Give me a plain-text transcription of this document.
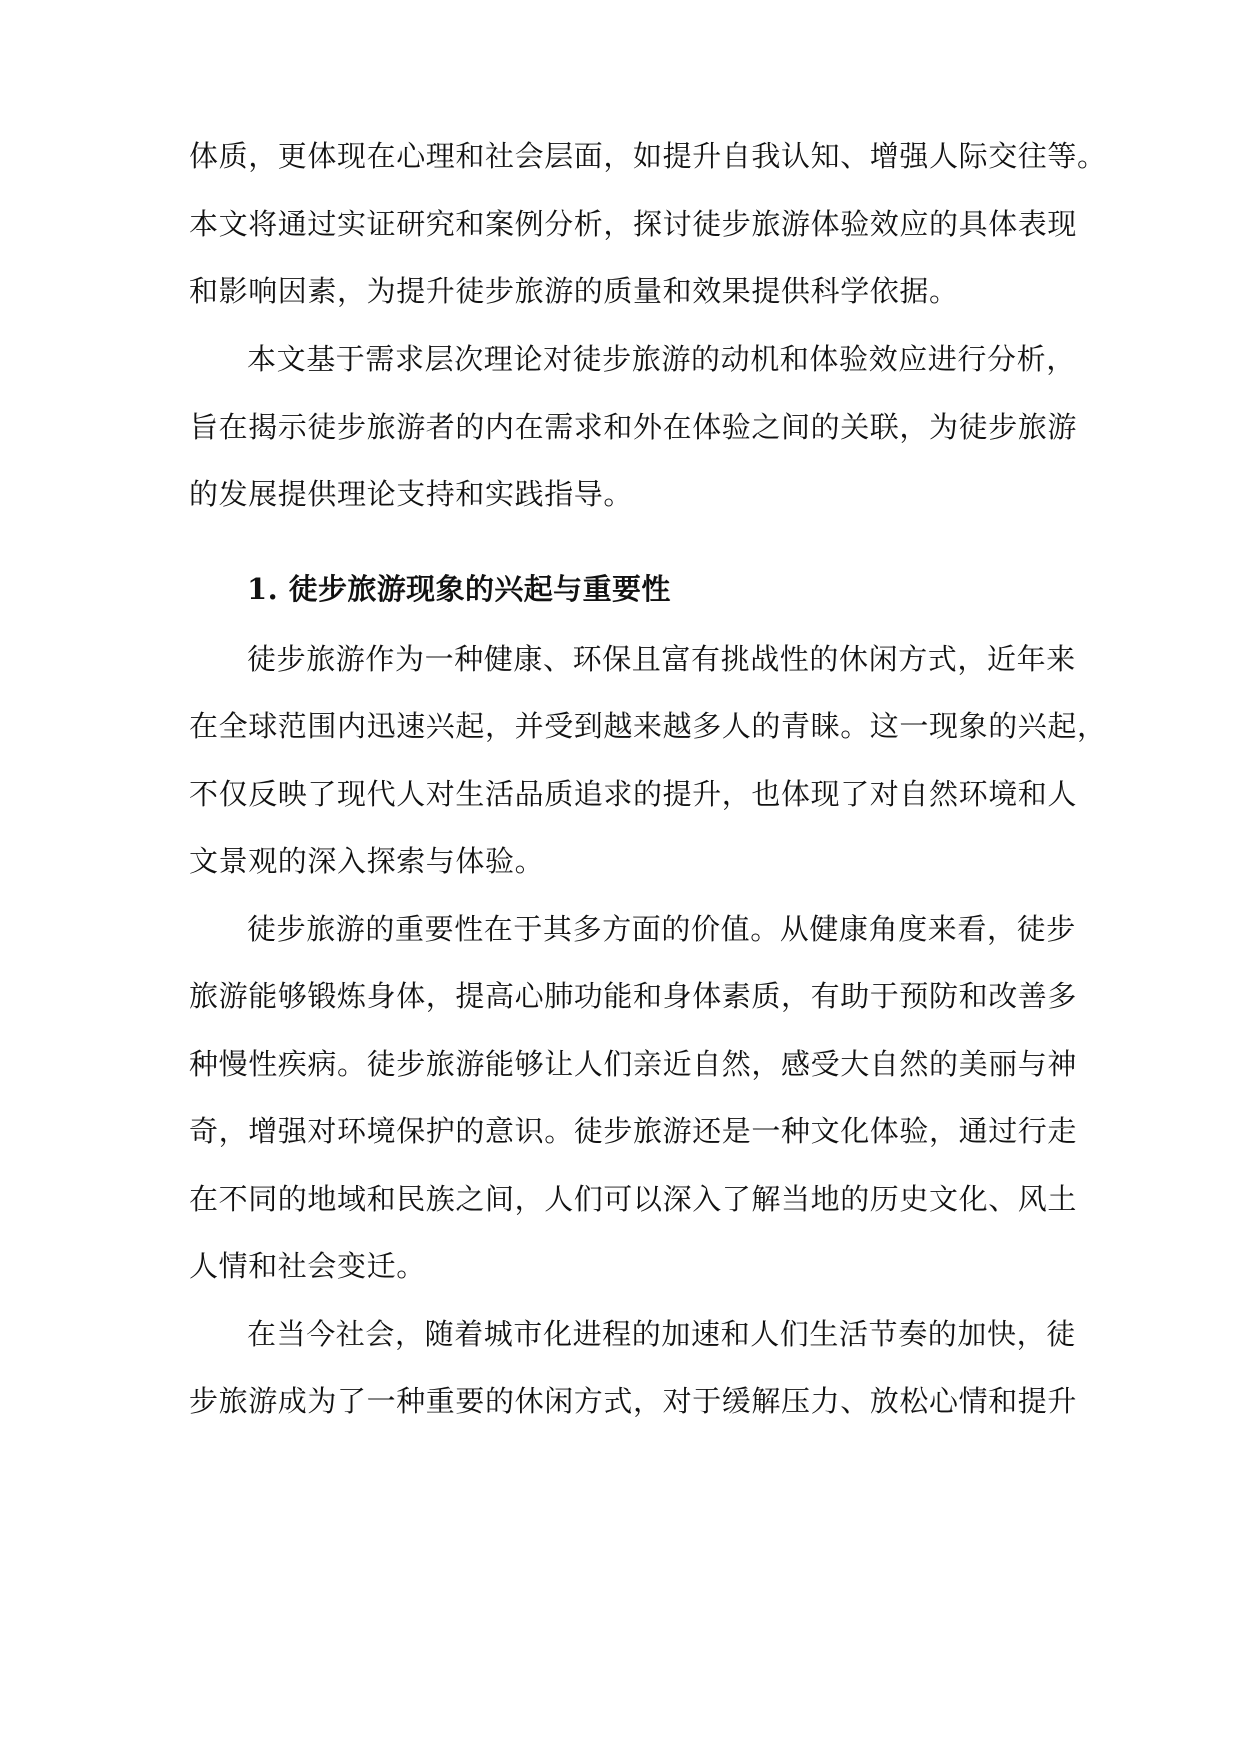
体质，更体现在心理和社会层面，如提升自我认知、增强人际交往等。
本文将通过实证研究和案例分析，探讨徒步旅游体验效应的具体表现
和影响因素，为提升徒步旅游的质量和效果提供科学依据。
本文基于需求层次理论对徒步旅游的动机和体验效应进行分析，
旨在揭示徒步旅游者的内在需求和外在体验之间的关联，为徒步旅游
的发展提供理论支持和实践指导。
1. 徒步旅游现象的兴起与重要性
徒步旅游作为一种健康、环保且富有挑战性的休闲方式，近年来
在全球范围内迅速兴起，并受到越来越多人的青睐。这一现象的兴起，
不仅反映了现代人对生活品质追求的提升，也体现了对自然环境和人
文景观的深入探索与体验。
徒步旅游的重要性在于其多方面的价值。从健康角度来看，徒步
旅游能够锻炼身体，提高心肺功能和身体素质，有助于预防和改善多
种慢性疾病。徒步旅游能够让人们亲近自然，感受大自然的美丽与神
奇，增强对环境保护的意识。徒步旅游还是一种文化体验，通过行走
在不同的地域和民族之间，人们可以深入了解当地的历史文化、风土
人情和社会变迁。
在当今社会，随着城市化进程的加速和人们生活节奏的加快，徒
步旅游成为了一种重要的休闲方式，对于缓解压力、放松心情和提升
